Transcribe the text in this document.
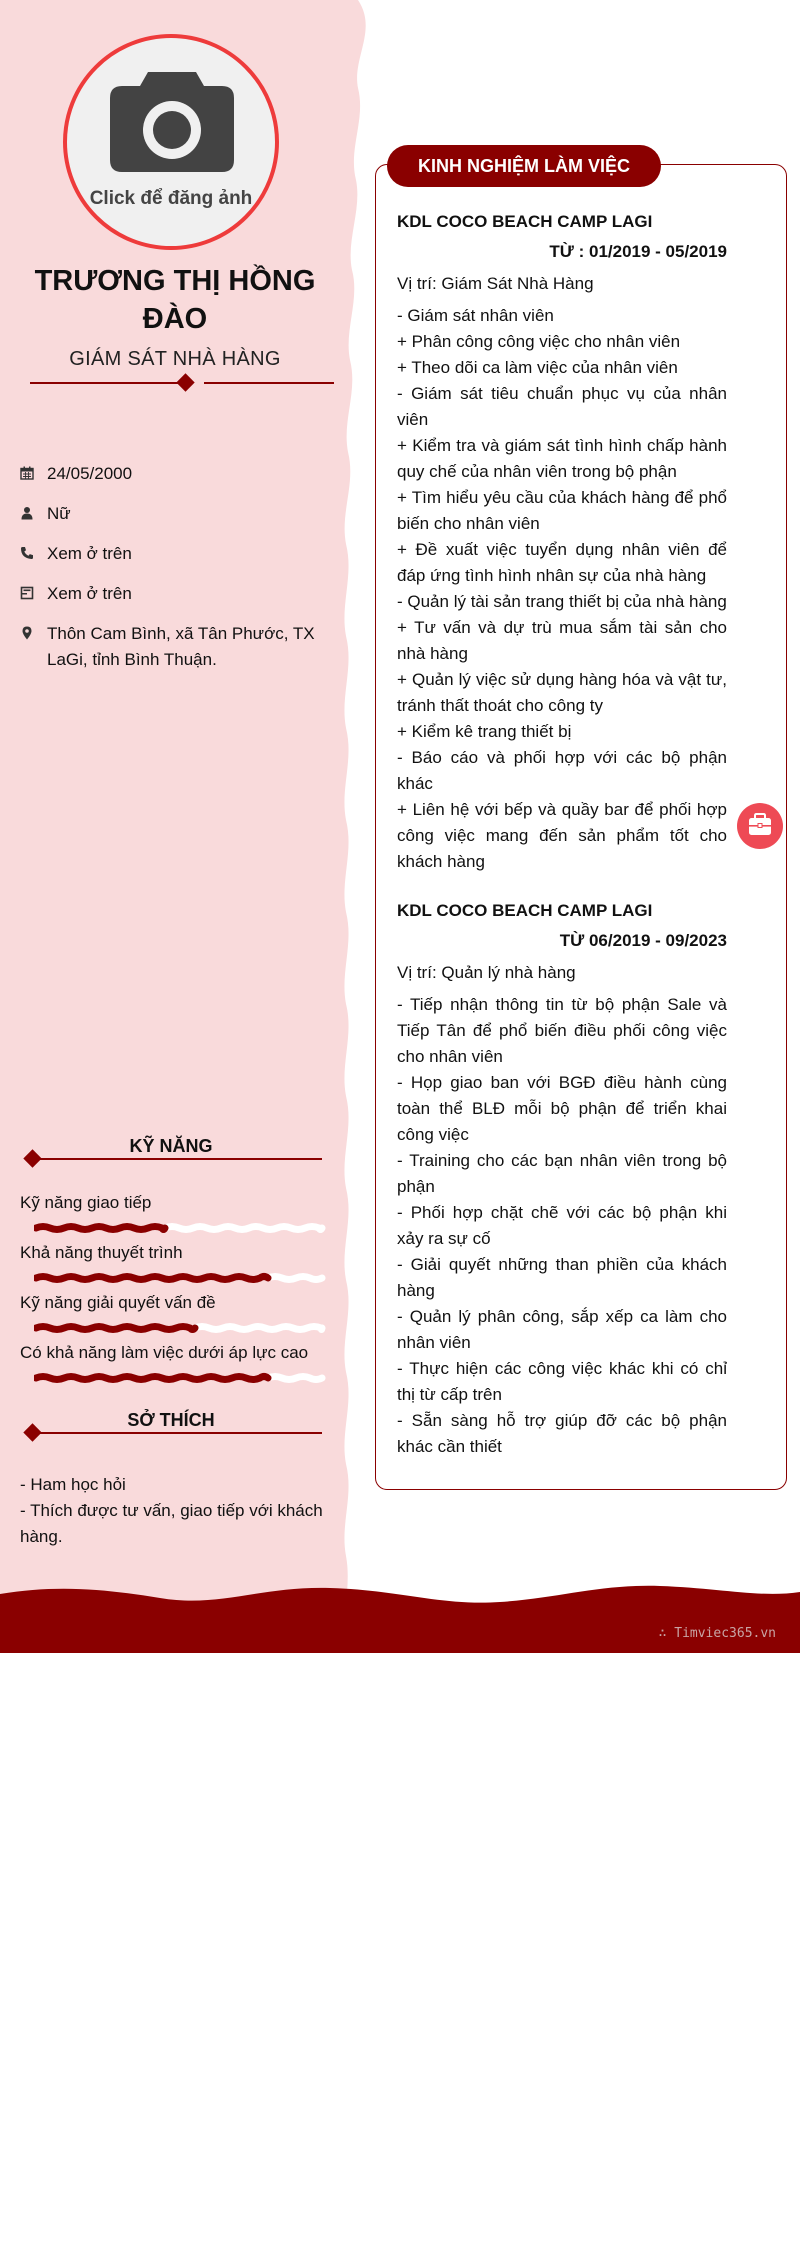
∴ Timviec365.vn
Click để đăng ảnh
TRƯƠNG THỊ HỒNG ĐÀO
GIÁM SÁT NHÀ HÀNG
24/05/2000
Nữ
Xem ở trên
Xem ở trên
Thôn Cam Bình, xã Tân Phước, TX LaGi, tỉnh Bình Thuận.
KỸ NĂNG
Kỹ năng giao tiếp
Khả năng thuyết trình
Kỹ năng giải quyết vấn đề
Có khả năng làm việc dưới áp lực cao
SỞ THÍCH
- Ham học hỏi
- Thích được tư vấn, giao tiếp với khách hàng.
KINH NGHIỆM LÀM VIỆC
KDL COCO BEACH CAMP LAGI
TỪ : 01/2019 - 05/2019
Vị trí: Giám Sát Nhà Hàng
- Giám sát nhân viên
+ Phân công công việc cho nhân viên
+ Theo dõi ca làm việc của nhân viên
- Giám sát tiêu chuẩn phục vụ của nhân viên
+ Kiểm tra và giám sát tình hình chấp hành quy chế của nhân viên trong bộ phận
+ Tìm hiểu yêu cầu của khách hàng để phổ biến cho nhân viên
+ Đề xuất việc tuyển dụng nhân viên để đáp ứng tình hình nhân sự của nhà hàng
- Quản lý tài sản trang thiết bị của nhà hàng
+ Tư vấn và dự trù mua sắm tài sản cho nhà hàng
+ Quản lý việc sử dụng hàng hóa và vật tư, tránh thất thoát cho công ty
+ Kiểm kê trang thiết bị
- Báo cáo và phối hợp với các bộ phận khác
+ Liên hệ với bếp và quầy bar để phối hợp công việc mang đến sản phẩm tốt cho khách hàng
KDL COCO BEACH CAMP LAGI
TỪ 06/2019 - 09/2023
Vị trí: Quản lý nhà hàng
- Tiếp nhận thông tin từ bộ phận Sale và Tiếp Tân để phổ biến điều phối công việc cho nhân viên
- Họp giao ban với BGĐ điều hành cùng toàn thể BLĐ mỗi bộ phận để triển khai công việc
- Training cho các bạn nhân viên trong bộ phận
- Phối hợp chặt chẽ với các bộ phận khi xảy ra sự cố
- Giải quyết những than phiền của khách hàng
- Quản lý phân công, sắp xếp ca làm cho nhân viên
- Thực hiện các công việc khác khi có chỉ thị từ cấp trên
- Sẵn sàng hỗ trợ giúp đỡ các bộ phận khác cần thiết
